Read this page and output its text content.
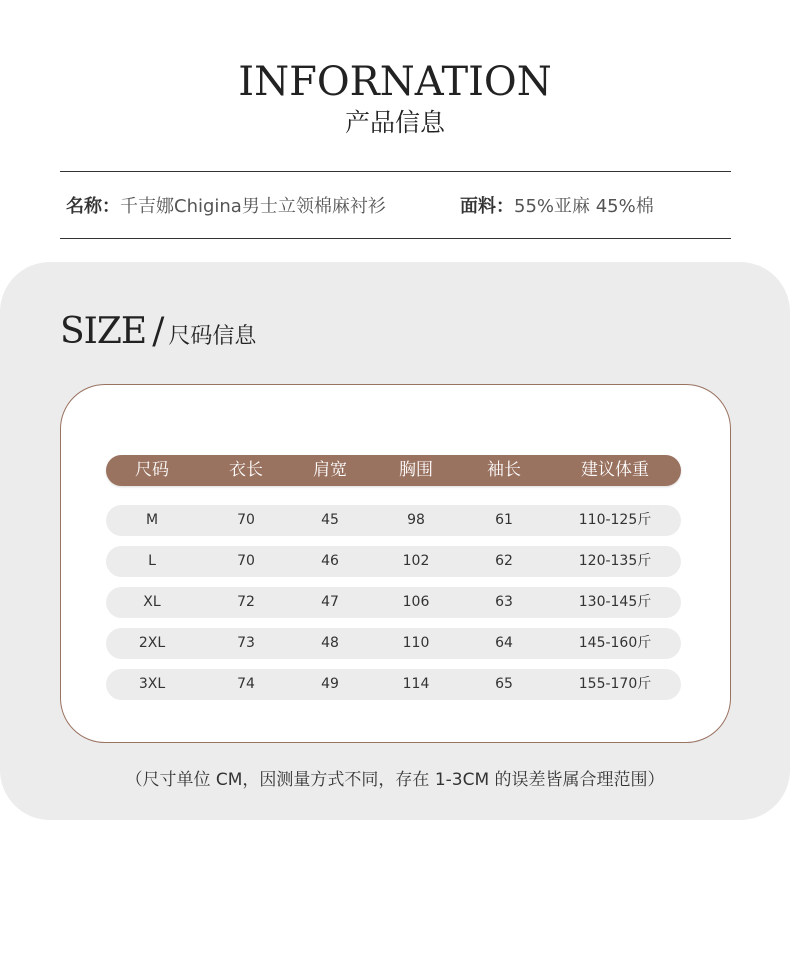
INFORNATION
产品信息
名称：千吉娜Chigina男士立领棉麻衬衫	面料：55%亚麻 45%棉
SIZE / 尺码信息
尺码	衣长	肩宽	胸围	袖长	建议体重
M	70	45	98	61	110-125斤
L	70	46	102	62	120-135斤
XL	72	47	106	63	130-145斤
2XL	73	48	110	64	145-160斤
3XL	74	49	114	65	155-170斤
（尺寸单位 CM，因测量方式不同，存在 1-3CM 的误差皆属合理范围）
